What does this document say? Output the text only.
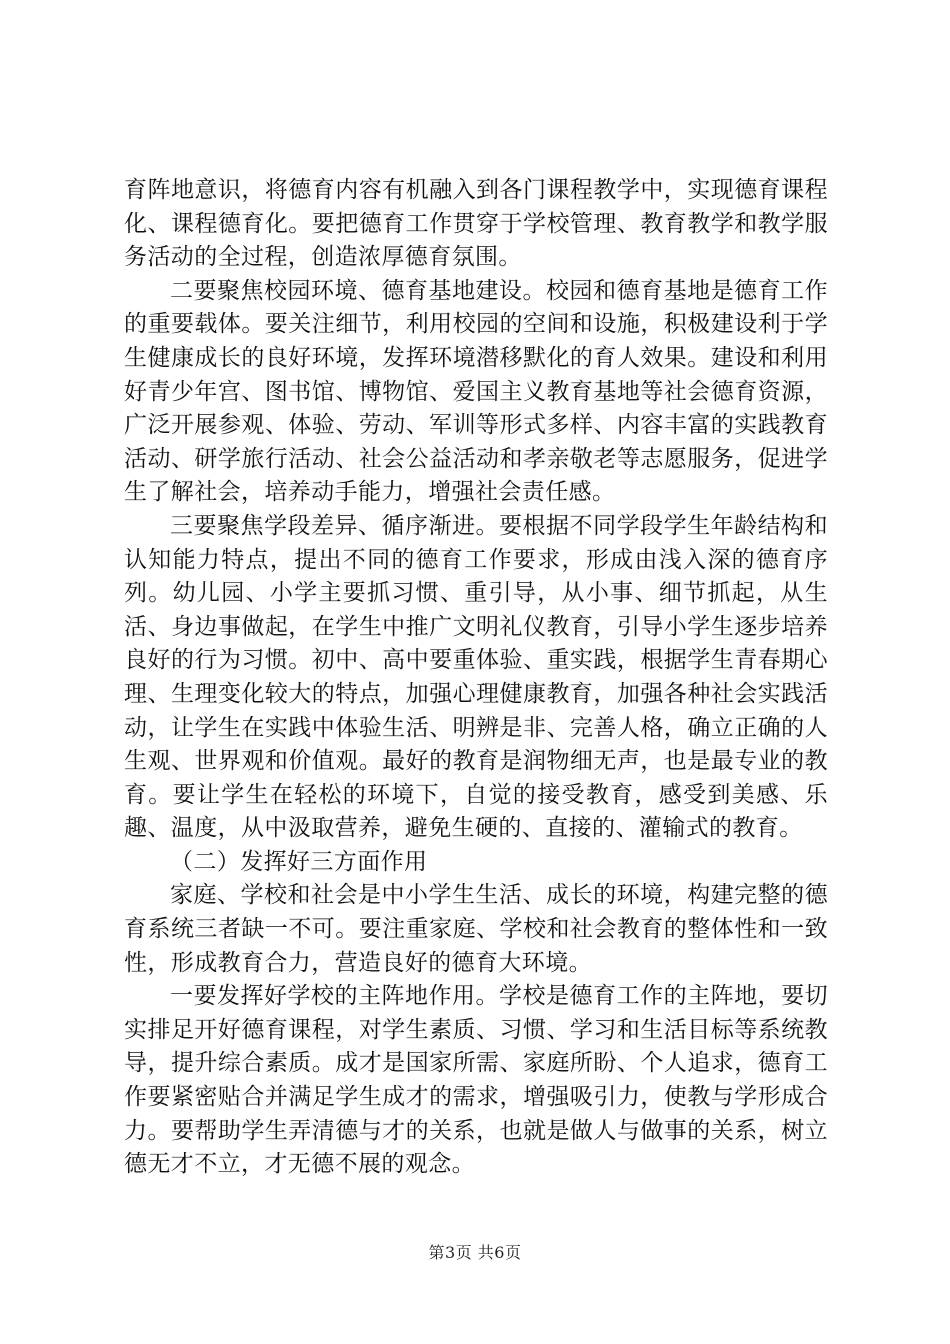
育阵地意识，将德育内容有机融入到各门课程教学中，实现德育课程化、课程德育化。要把德育工作贯穿于学校管理、教育教学和教学服务活动的全过程，创造浓厚德育氛围。

二要聚焦校园环境、德育基地建设。校园和德育基地是德育工作的重要载体。要关注细节，利用校园的空间和设施，积极建设利于学生健康成长的良好环境，发挥环境潜移默化的育人效果。建设和利用好青少年宫、图书馆、博物馆、爱国主义教育基地等社会德育资源，广泛开展参观、体验、劳动、军训等形式多样、内容丰富的实践教育活动、研学旅行活动、社会公益活动和孝亲敬老等志愿服务，促进学生了解社会，培养动手能力，增强社会责任感。

三要聚焦学段差异、循序渐进。要根据不同学段学生年龄结构和认知能力特点，提出不同的德育工作要求，形成由浅入深的德育序列。幼儿园、小学主要抓习惯、重引导，从小事、细节抓起，从生活、身边事做起，在学生中推广文明礼仪教育，引导小学生逐步培养良好的行为习惯。初中、高中要重体验、重实践，根据学生青春期心理、生理变化较大的特点，加强心理健康教育，加强各种社会实践活动，让学生在实践中体验生活、明辨是非、完善人格，确立正确的人生观、世界观和价值观。最好的教育是润物细无声，也是最专业的教育。要让学生在轻松的环境下，自觉的接受教育，感受到美感、乐趣、温度，从中汲取营养，避免生硬的、直接的、灌输式的教育。

（二）发挥好三方面作用

家庭、学校和社会是中小学生生活、成长的环境，构建完整的德育系统三者缺一不可。要注重家庭、学校和社会教育的整体性和一致性，形成教育合力，营造良好的德育大环境。

一要发挥好学校的主阵地作用。学校是德育工作的主阵地，要切实排足开好德育课程，对学生素质、习惯、学习和生活目标等系统教导，提升综合素质。成才是国家所需、家庭所盼、个人追求，德育工作要紧密贴合并满足学生成才的需求，增强吸引力，使教与学形成合力。要帮助学生弄清德与才的关系，也就是做人与做事的关系，树立德无才不立，才无德不展的观念。

第3页 共6页
